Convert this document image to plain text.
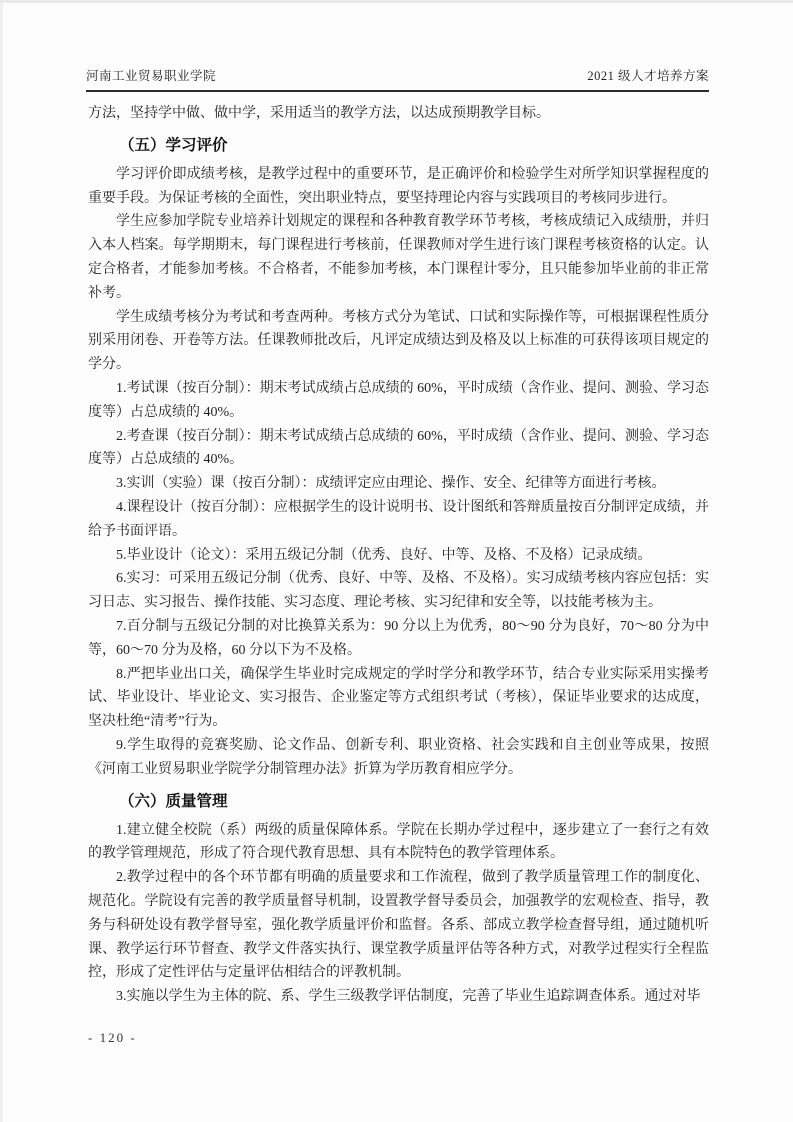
河南工业贸易职业学院	2021 级人才培养方案

方法，坚持学中做、做中学，采用适当的教学方法，以达成预期教学目标。

（五）学习评价

学习评价即成绩考核，是教学过程中的重要环节，是正确评价和检验学生对所学知识掌握程度的重要手段。为保证考核的全面性，突出职业特点，要坚持理论内容与实践项目的考核同步进行。

学生应参加学院专业培养计划规定的课程和各种教育教学环节考核，考核成绩记入成绩册，并归入本人档案。每学期期末，每门课程进行考核前，任课教师对学生进行该门课程考核资格的认定。认定合格者，才能参加考核。不合格者，不能参加考核，本门课程计零分，且只能参加毕业前的非正常补考。

学生成绩考核分为考试和考查两种。考核方式分为笔试、口试和实际操作等，可根据课程性质分别采用闭卷、开卷等方法。任课教师批改后，凡评定成绩达到及格及以上标准的可获得该项目规定的学分。

1.考试课（按百分制）：期末考试成绩占总成绩的 60%，平时成绩（含作业、提问、测验、学习态度等）占总成绩的 40%。

2.考查课（按百分制）：期末考试成绩占总成绩的 60%，平时成绩（含作业、提问、测验、学习态度等）占总成绩的 40%。

3.实训（实验）课（按百分制）：成绩评定应由理论、操作、安全、纪律等方面进行考核。

4.课程设计（按百分制）：应根据学生的设计说明书、设计图纸和答辩质量按百分制评定成绩，并给予书面评语。

5.毕业设计（论文）：采用五级记分制（优秀、良好、中等、及格、不及格）记录成绩。

6.实习：可采用五级记分制（优秀、良好、中等、及格、不及格）。实习成绩考核内容应包括：实习日志、实习报告、操作技能、实习态度、理论考核、实习纪律和安全等，以技能考核为主。

7.百分制与五级记分制的对比换算关系为：90 分以上为优秀，80～90 分为良好，70～80 分为中等，60～70 分为及格，60 分以下为不及格。

8.严把毕业出口关，确保学生毕业时完成规定的学时学分和教学环节，结合专业实际采用实操考试、毕业设计、毕业论文、实习报告、企业鉴定等方式组织考试（考核），保证毕业要求的达成度，坚决杜绝“清考”行为。

9.学生取得的竞赛奖励、论文作品、创新专利、职业资格、社会实践和自主创业等成果，按照《河南工业贸易职业学院学分制管理办法》折算为学历教育相应学分。

（六）质量管理

1.建立健全校院（系）两级的质量保障体系。学院在长期办学过程中，逐步建立了一套行之有效的教学管理规范，形成了符合现代教育思想、具有本院特色的教学管理体系。

2.教学过程中的各个环节都有明确的质量要求和工作流程，做到了教学质量管理工作的制度化、规范化。学院设有完善的教学质量督导机制，设置教学督导委员会，加强教学的宏观检查、指导，教务与科研处设有教学督导室，强化教学质量评价和监督。各系、部成立教学检查督导组，通过随机听课、教学运行环节督查、教学文件落实执行、课堂教学质量评估等各种方式，对教学过程实行全程监控，形成了定性评估与定量评估相结合的评教机制。

3.实施以学生为主体的院、系、学生三级教学评估制度，完善了毕业生追踪调查体系。通过对毕

- 120 -
